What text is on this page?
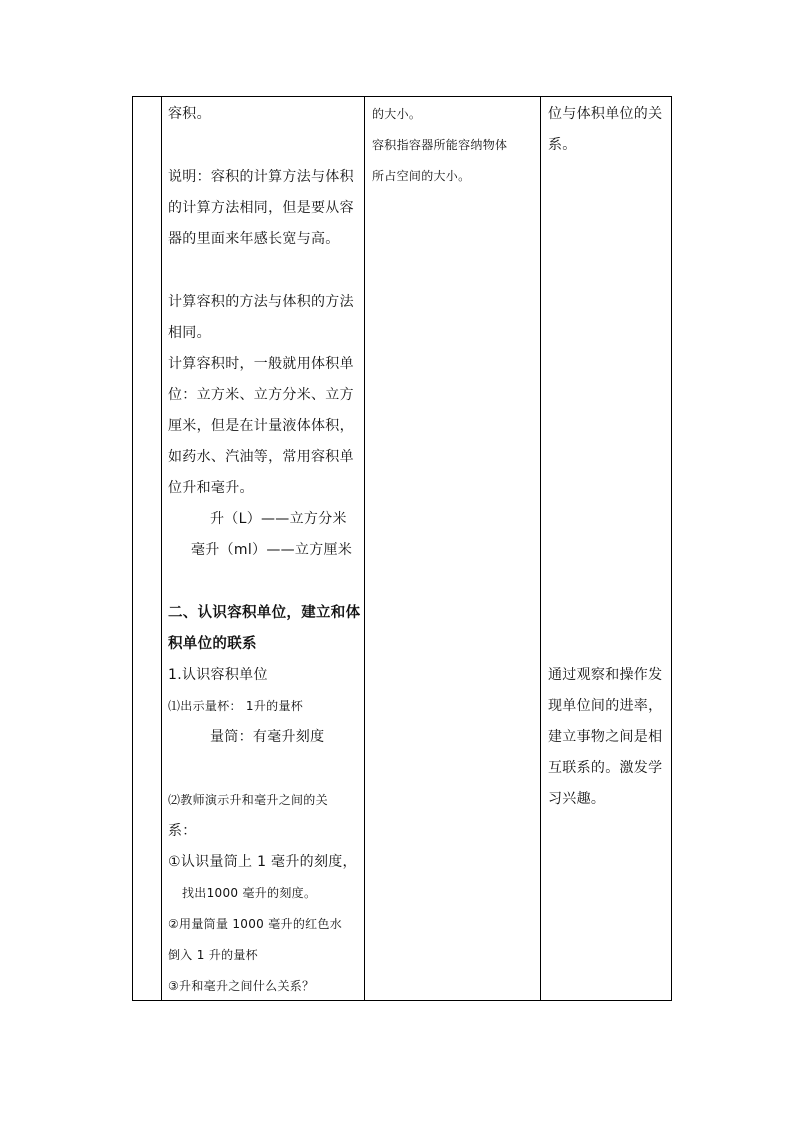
容积。
说明：容积的计算方法与体积
的计算方法相同，但是要从容
器的里面来年感长宽与高。
计算容积的方法与体积的方法
相同。
计算容积时，一般就用体积单
位：立方米、立方分米、立方
厘米，但是在计量液体体积，
如药水、汽油等，常用容积单
位升和毫升。
升（L）——立方分米
毫升（ml）——立方厘米
二、认识容积单位，建立和体
积单位的联系
1.认识容积单位
⑴出示量杯： 1升的量杯
量筒：有毫升刻度
⑵教师演示升和毫升之间的关
系：
①认识量筒上 1 毫升的刻度，
找出1000 毫升的刻度。
②用量筒量 1000 毫升的红色水
倒入 1 升的量杯
③升和毫升之间什么关系？
的大小。
容积指容器所能容纳物体
所占空间的大小。
位与体积单位的关
系。
通过观察和操作发
现单位间的进率，
建立事物之间是相
互联系的。激发学
习兴趣。
